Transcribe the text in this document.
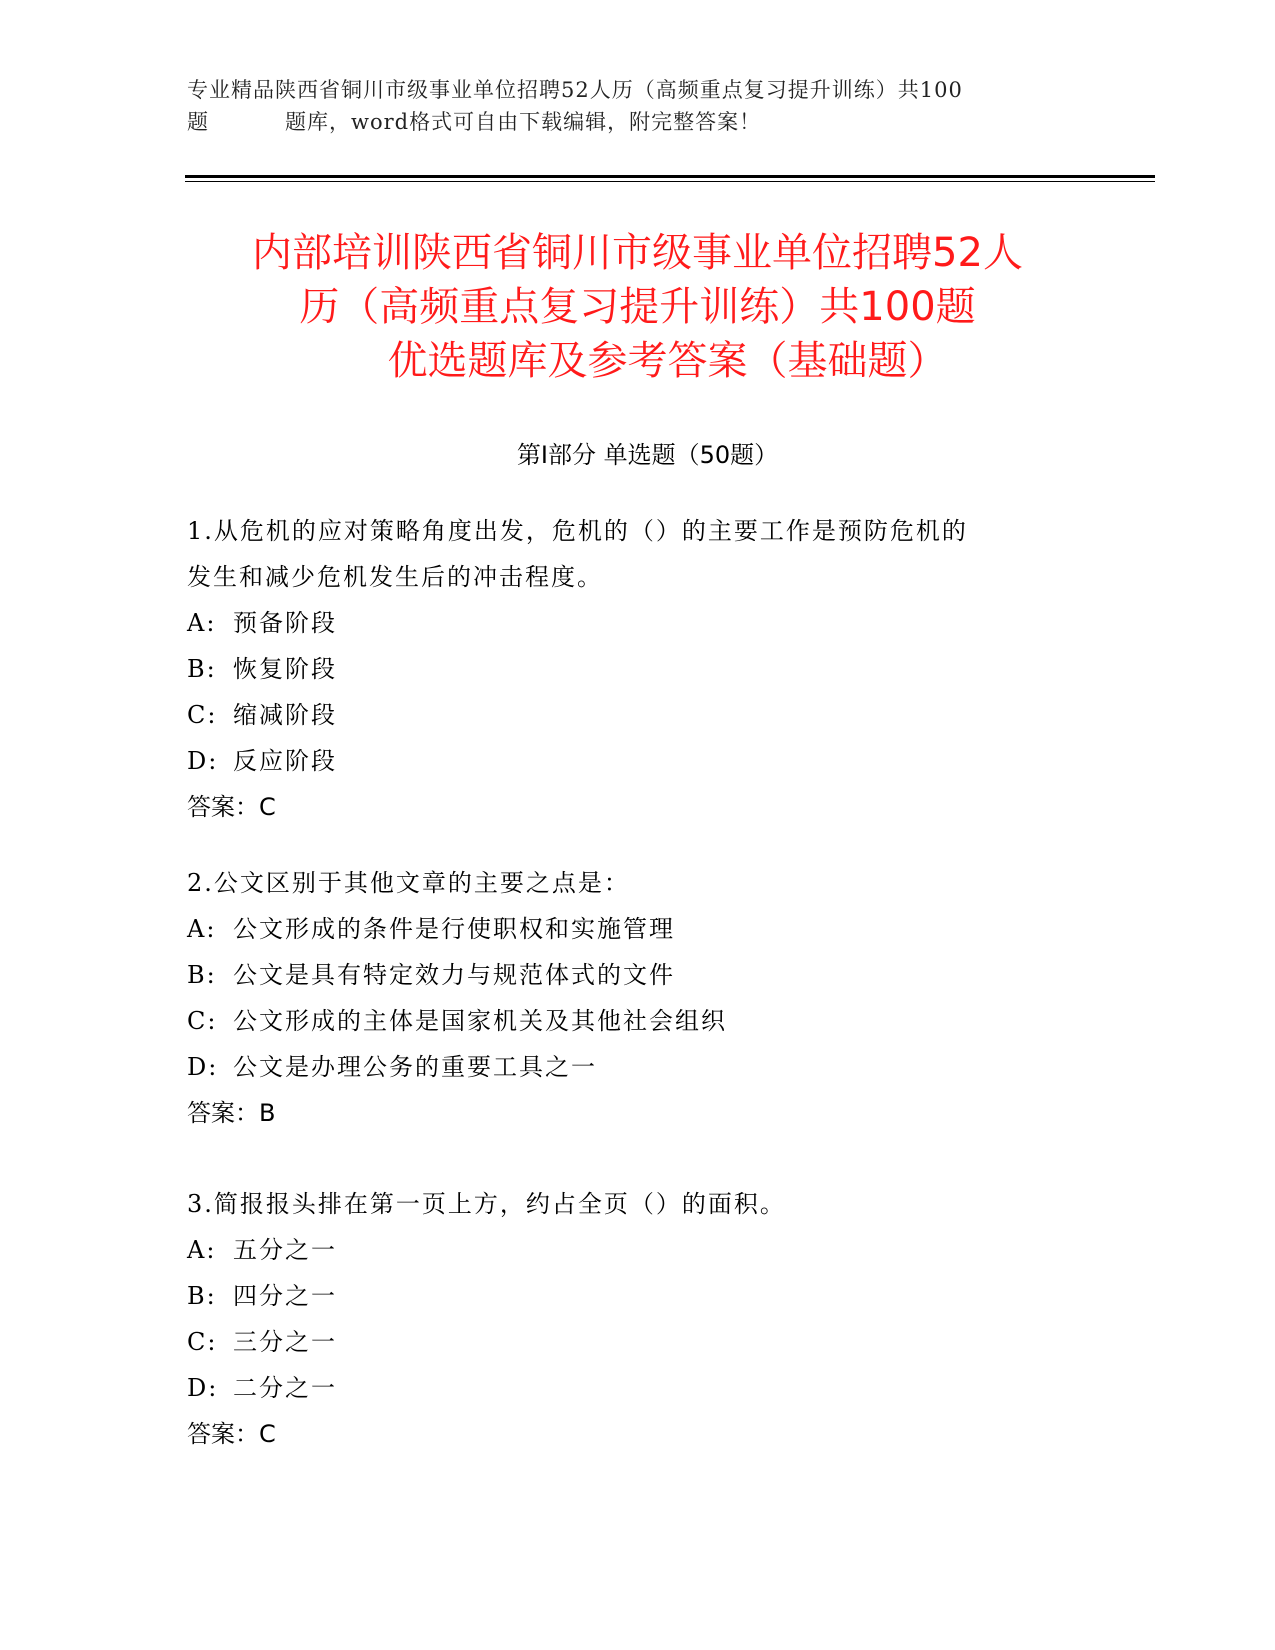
专业精品陕西省铜川市级事业单位招聘52人历（高频重点复习提升训练）共100
题	题库，word格式可自由下载编辑，附完整答案！
内部培训陕西省铜川市级事业单位招聘52人
历（高频重点复习提升训练）共100题
优选题库及参考答案（基础题）
第Ⅰ部分 单选题（50题）

1.从危机的应对策略角度出发，危机的（）的主要工作是预防危机的

发生和减少危机发生后的冲击程度。

A: 预备阶段

B: 恢复阶段

C: 缩减阶段

D: 反应阶段

答案：C

2.公文区别于其他文章的主要之点是：

A: 公文形成的条件是行使职权和实施管理

B: 公文是具有特定效力与规范体式的文件

C: 公文形成的主体是国家机关及其他社会组织

D: 公文是办理公务的重要工具之一

答案：B

3.简报报头排在第一页上方，约占全页（）的面积。

A: 五分之一

B: 四分之一

C: 三分之一

D: 二分之一

答案：C
